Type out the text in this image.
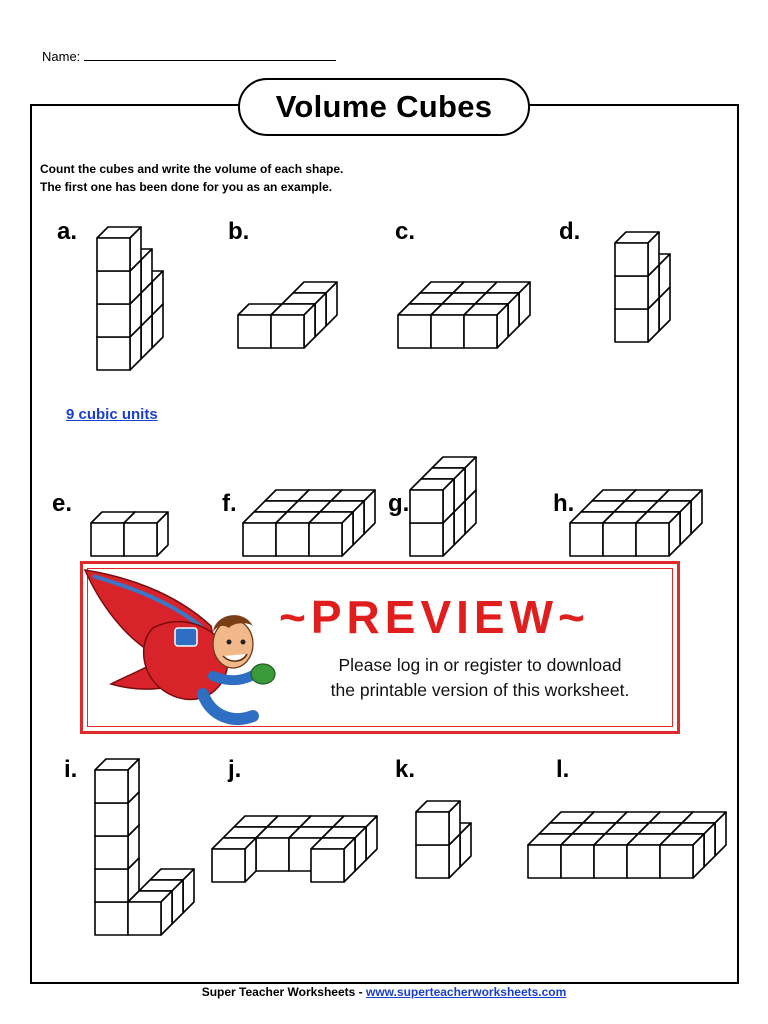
Name:
Volume Cubes
Count the cubes and write the volume of each shape.
The first one has been done for you as an example.
a.	b.	c.	d.
e.	f.	g.	h.
i.	j.	k.	l.
9 cubic units
~PREVIEW~
Please log in or register to download
the printable version of this worksheet.
Super Teacher Worksheets - www.superteacherworksheets.com
